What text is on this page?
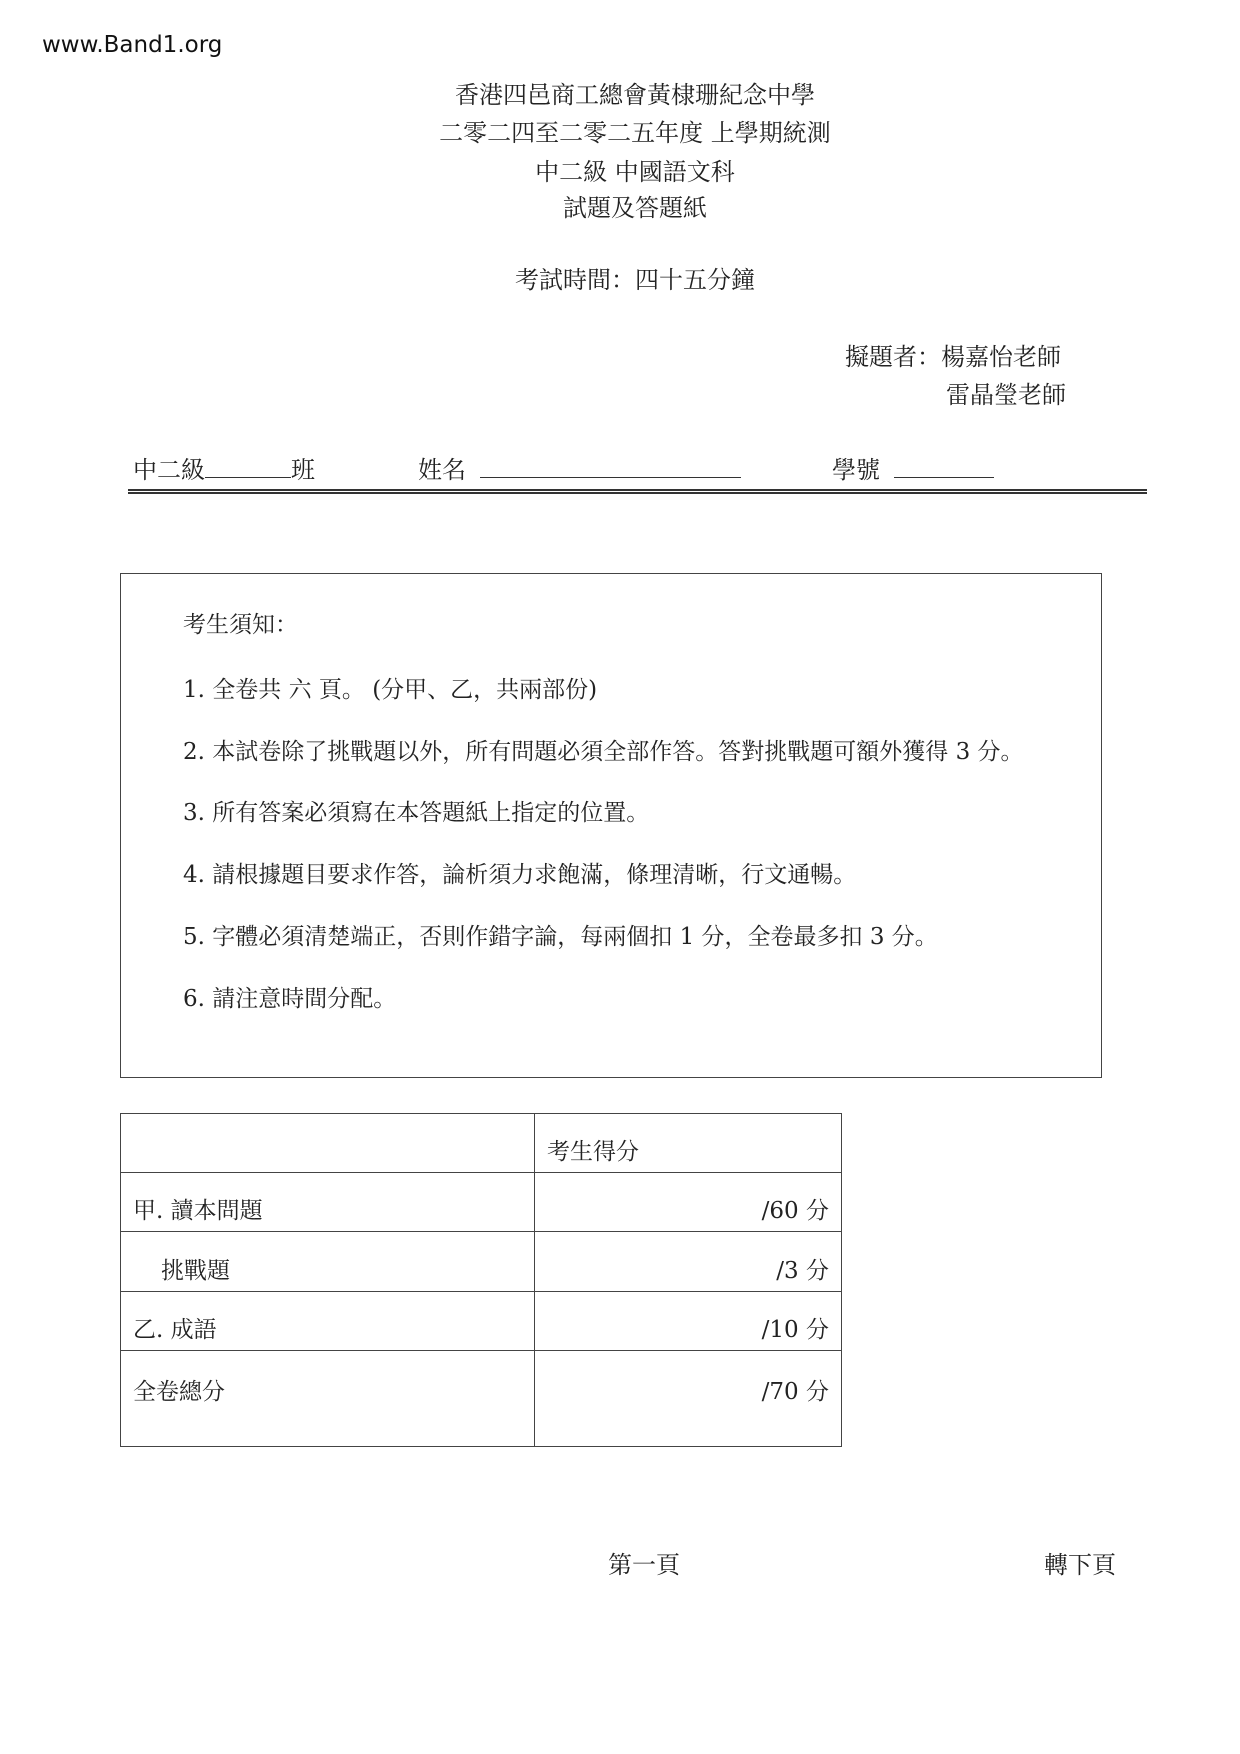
www.Band1.org
香港四邑商工總會黃棣珊紀念中學
二零二四至二零二五年度 上學期統測
中二級 中國語文科
試題及答題紙
考試時間：四十五分鐘
擬題者：楊嘉怡老師
雷晶瑩老師
中二級	班	姓名	學號
考生須知：
1. 全卷共 六 頁。 (分甲、乙，共兩部份)
2. 本試卷除了挑戰題以外，所有問題必須全部作答。答對挑戰題可額外獲得 3 分。
3. 所有答案必須寫在本答題紙上指定的位置。
4. 請根據題目要求作答，論析須力求飽滿，條理清晰，行文通暢。
5. 字體必須清楚端正，否則作錯字論，每兩個扣 1 分，全卷最多扣 3 分。
6. 請注意時間分配。
	考生得分
甲. 讀本問題	/60 分
挑戰題	/3 分
乙. 成語	/10 分
全卷總分	/70 分
第一頁	轉下頁
